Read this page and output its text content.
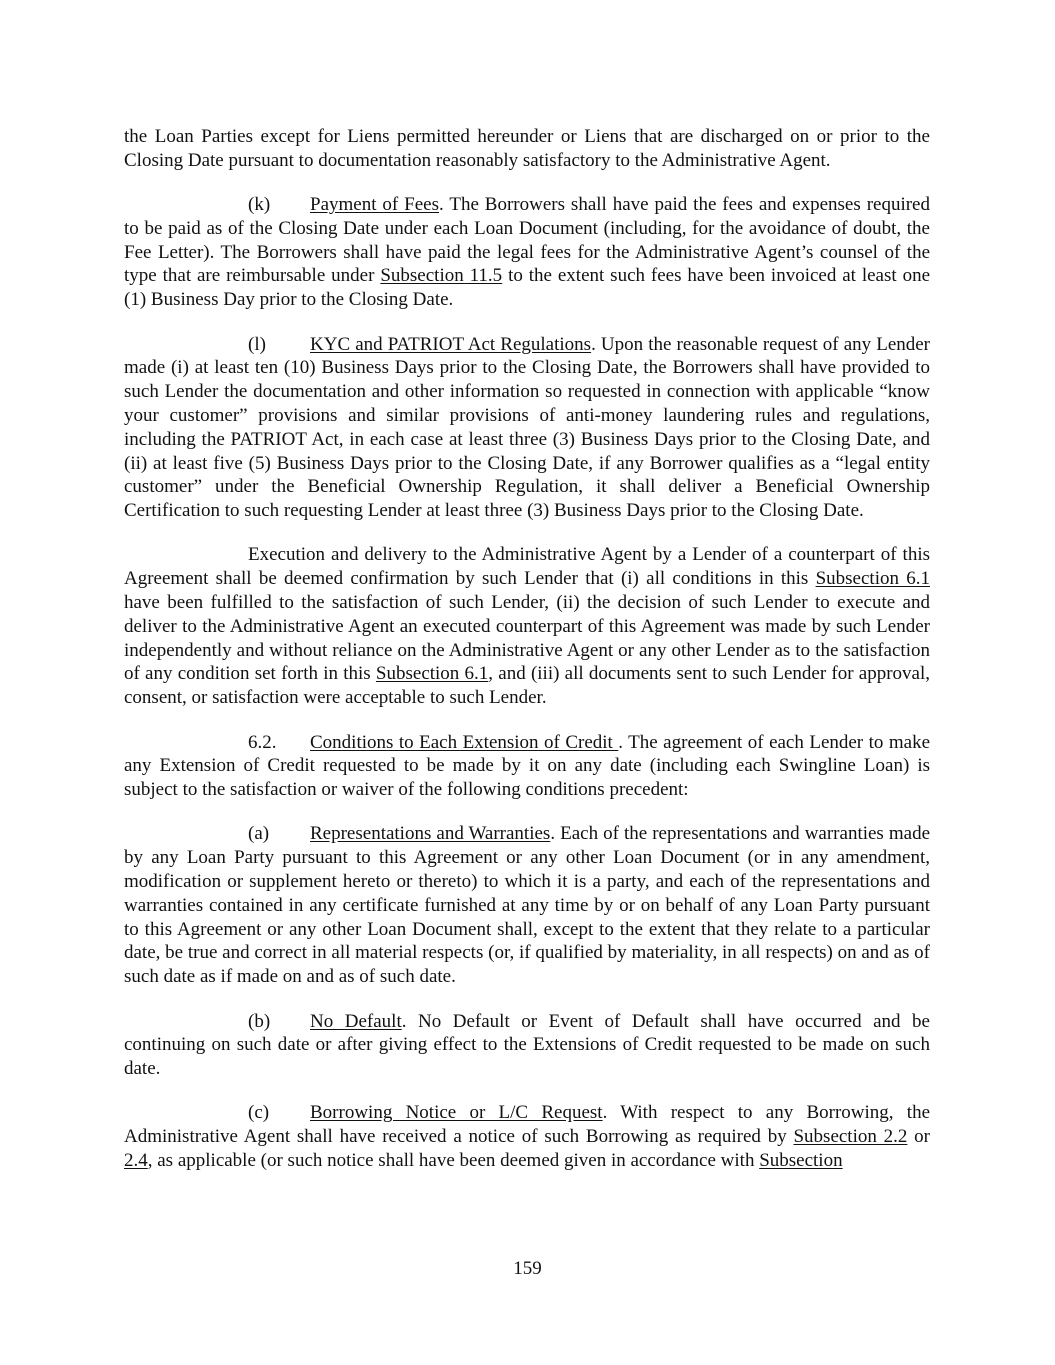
the Loan Parties except for Liens permitted hereunder or Liens that are discharged on or prior to the Closing Date pursuant to documentation reasonably satisfactory to the Administrative Agent.

(k) Payment of Fees. The Borrowers shall have paid the fees and expenses required to be paid as of the Closing Date under each Loan Document (including, for the avoidance of doubt, the Fee Letter). The Borrowers shall have paid the legal fees for the Administrative Agent’s counsel of the type that are reimbursable under Subsection 11.5 to the extent such fees have been invoiced at least one (1) Business Day prior to the Closing Date.

(l) KYC and PATRIOT Act Regulations. Upon the reasonable request of any Lender made (i) at least ten (10) Business Days prior to the Closing Date, the Borrowers shall have provided to such Lender the documentation and other information so requested in connection with applicable “know your customer” provisions and similar provisions of anti-money laundering rules and regulations, including the PATRIOT Act, in each case at least three (3) Business Days prior to the Closing Date, and (ii) at least five (5) Business Days prior to the Closing Date, if any Borrower qualifies as a “legal entity customer” under the Beneficial Ownership Regulation, it shall deliver a Beneficial Ownership Certification to such requesting Lender at least three (3) Business Days prior to the Closing Date.

Execution and delivery to the Administrative Agent by a Lender of a counterpart of this Agreement shall be deemed confirmation by such Lender that (i) all conditions in this Subsection 6.1 have been fulfilled to the satisfaction of such Lender, (ii) the decision of such Lender to execute and deliver to the Administrative Agent an executed counterpart of this Agreement was made by such Lender independently and without reliance on the Administrative Agent or any other Lender as to the satisfaction of any condition set forth in this Subsection 6.1, and (iii) all documents sent to such Lender for approval, consent, or satisfaction were acceptable to such Lender.

6.2. Conditions to Each Extension of Credit . The agreement of each Lender to make any Extension of Credit requested to be made by it on any date (including each Swingline Loan) is subject to the satisfaction or waiver of the following conditions precedent:

(a) Representations and Warranties. Each of the representations and warranties made by any Loan Party pursuant to this Agreement or any other Loan Document (or in any amendment, modification or supplement hereto or thereto) to which it is a party, and each of the representations and warranties contained in any certificate furnished at any time by or on behalf of any Loan Party pursuant to this Agreement or any other Loan Document shall, except to the extent that they relate to a particular date, be true and correct in all material respects (or, if qualified by materiality, in all respects) on and as of such date as if made on and as of such date.

(b) No Default. No Default or Event of Default shall have occurred and be continuing on such date or after giving effect to the Extensions of Credit requested to be made on such date.

(c) Borrowing Notice or L/C Request. With respect to any Borrowing, the Administrative Agent shall have received a notice of such Borrowing as required by Subsection 2.2 or 2.4, as applicable (or such notice shall have been deemed given in accordance with Subsection

159
